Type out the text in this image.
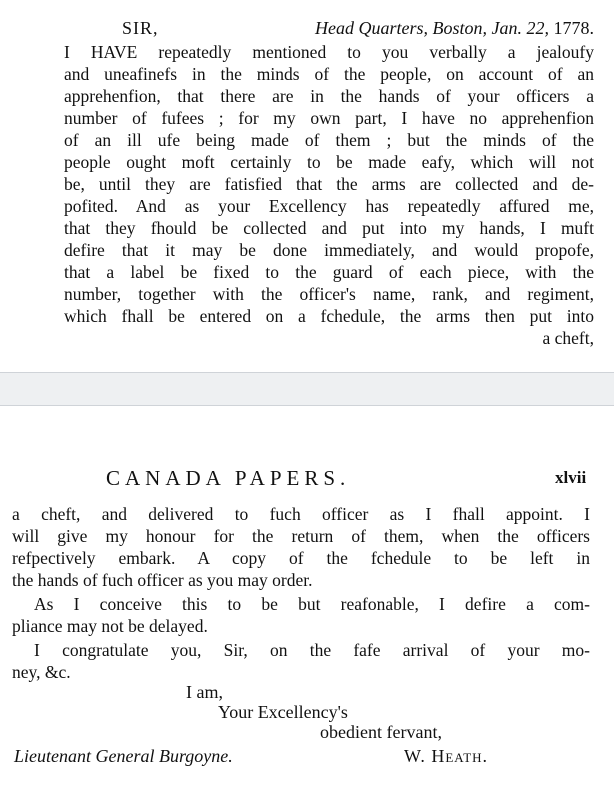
SIR,	Head Quarters, Boston, Jan. 22, 1778.
I HAVE repeatedly mentioned to you verbally a jealoufy
and uneafinefs in the minds of the people, on account of an
apprehenfion, that there are in the hands of your officers a
number of fufees ; for my own part, I have no apprehenfion
of an ill ufe being made of them ; but the minds of the
people ought moft certainly to be made eafy, which will not
be, until they are fatisfied that the arms are collected and de-
pofited. And as your Excellency has repeatedly affured me,
that they fhould be collected and put into my hands, I muft
defire that it may be done immediately, and would propofe,
that a label be fixed to the guard of each piece, with the
number, together with the officer's name, rank, and regiment,
which fhall be entered on a fchedule, the arms then put into
a cheft,
CANADA PAPERS.	xlvii
a cheft, and delivered to fuch officer as I fhall appoint. I
will give my honour for the return of them, when the officers
refpectively embark. A copy of the fchedule to be left in
the hands of fuch officer as you may order.
As I conceive this to be but reafonable, I defire a com-
pliance may not be delayed.
I congratulate you, Sir, on the fafe arrival of your mo-
ney, &c.
I am,
Your Excellency's
obedient fervant,
Lieutenant General Burgoyne.	W. Heath.
